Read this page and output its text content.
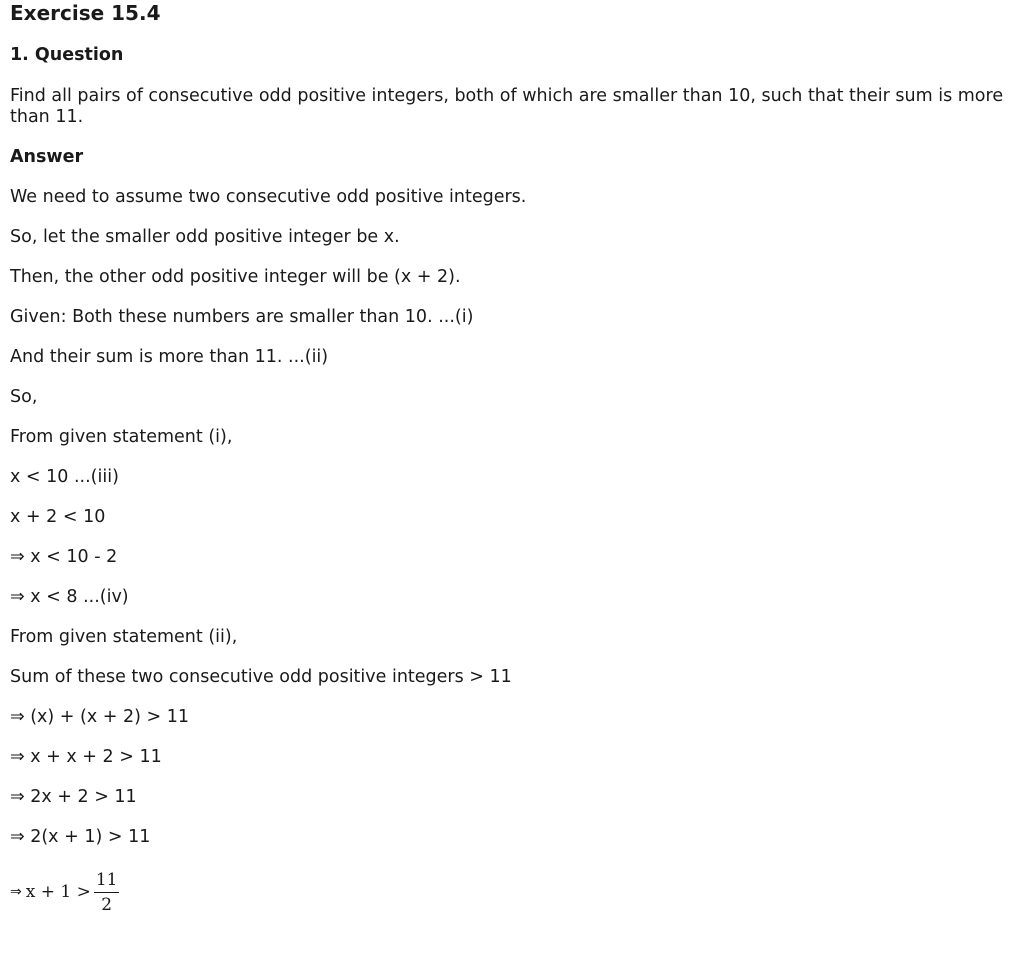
Exercise 15.4
1. Question
Find all pairs of consecutive odd positive integers, both of which are smaller than 10, such that their sum is more than 11.
Answer
We need to assume two consecutive odd positive integers.
So, let the smaller odd positive integer be x.
Then, the other odd positive integer will be (x + 2).
Given: Both these numbers are smaller than 10. ...(i)
And their sum is more than 11. ...(ii)
So,
From given statement (i),
x < 10 ...(iii)
x + 2 < 10
⇒ x < 10 - 2
⇒ x < 8 ...(iv)
From given statement (ii),
Sum of these two consecutive odd positive integers > 11
⇒ (x) + (x + 2) > 11
⇒ x + x + 2 > 11
⇒ 2x + 2 > 11
⇒ 2(x + 1) > 11
⇒ $x + 1 > \frac{11}{2}$
